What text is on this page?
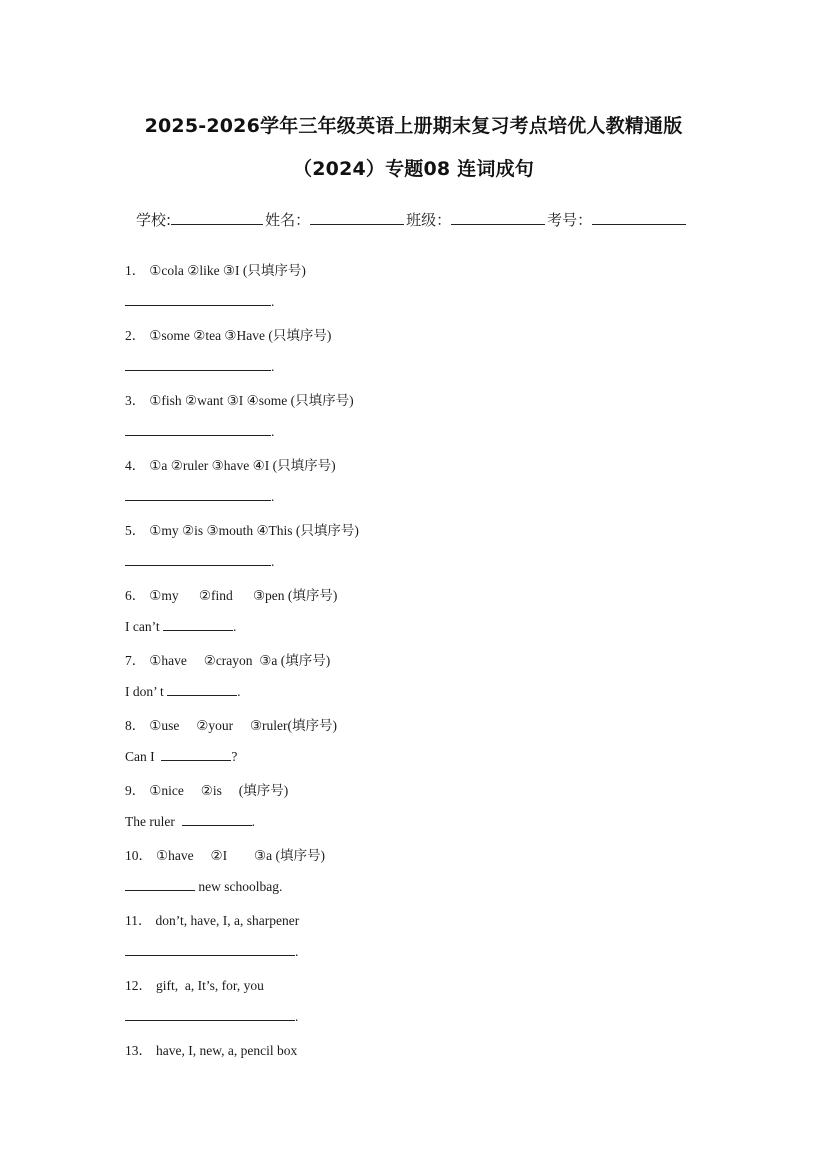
2025-2026学年三年级英语上册期末复习考点培优人教精通版
（2024）专题08 连词成句
学校:	姓名：	班级：	考号：
1． ①cola ②like ③I (只填序号)
.
2． ①some ②tea ③Have (只填序号)
.
3． ①fish ②want ③I ④some (只填序号)
.
4． ①a ②ruler ③have ④I (只填序号)
.
5． ①my ②is ③mouth ④This (只填序号)
.
6． ①my      ②find      ③pen (填序号)
I can’t	.
7． ①have     ②crayon  ③a (填序号)
I don’ t	.
8． ①use     ②your     ③ruler(填序号)
Can I	?
9． ①nice     ②is     (填序号)
The ruler	.
10． ①have     ②I        ③a (填序号)
new schoolbag.
11． don’t, have, I, a, sharpener
.
12． gift,  a, It’s, for, you
.
13． have, I, new, a, pencil box
